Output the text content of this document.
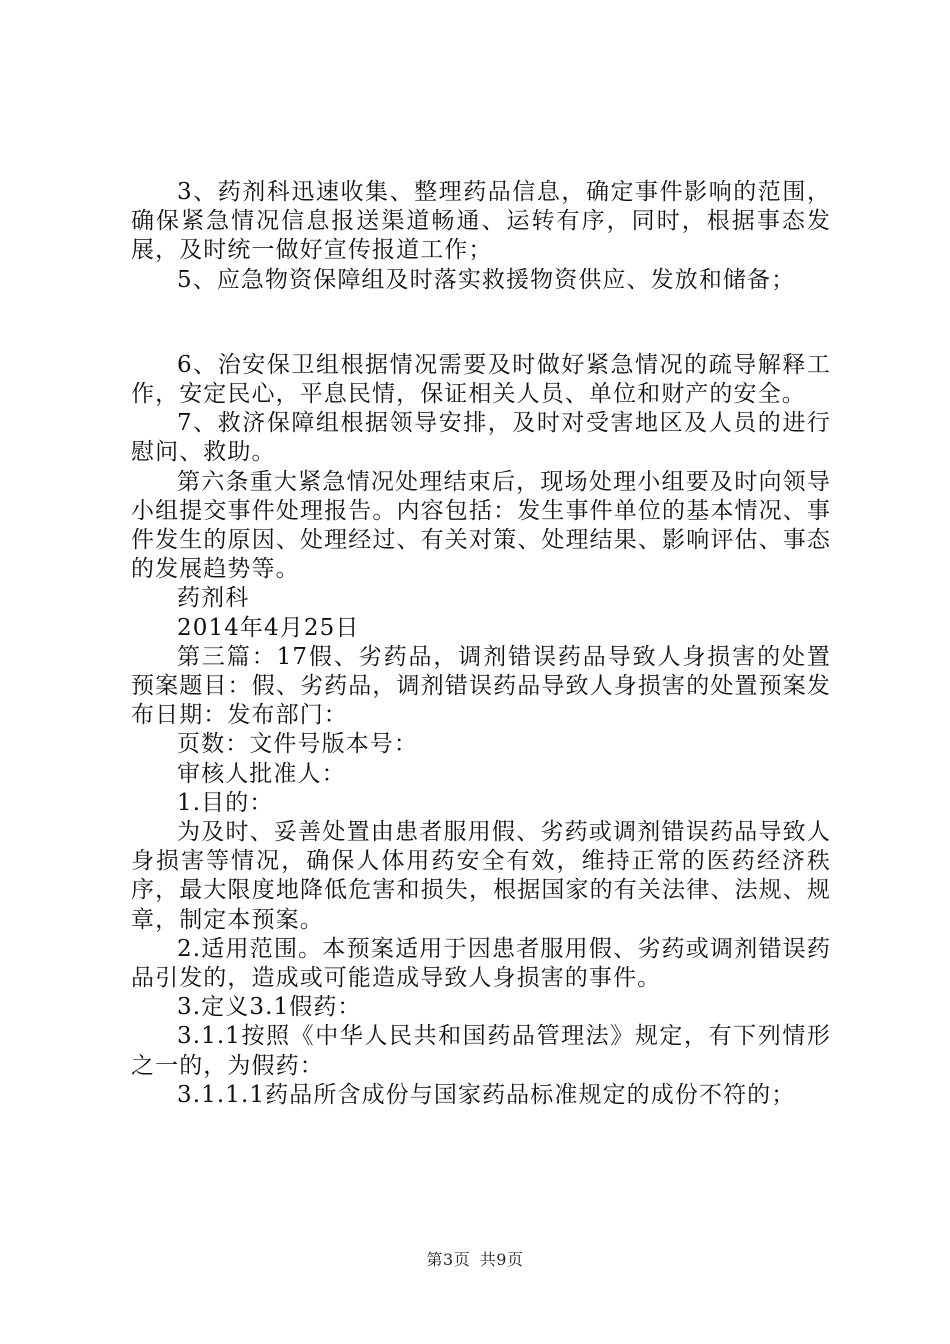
3、药剂科迅速收集、整理药品信息，确定事件影响的范围，确保紧急情况信息报送渠道畅通、运转有序，同时，根据事态发展，及时统一做好宣传报道工作；

5、应急物资保障组及时落实救援物资供应、发放和储备；

6、治安保卫组根据情况需要及时做好紧急情况的疏导解释工作，安定民心，平息民情，保证相关人员、单位和财产的安全。

7、救济保障组根据领导安排，及时对受害地区及人员的进行慰问、救助。

第六条重大紧急情况处理结束后，现场处理小组要及时向领导小组提交事件处理报告。内容包括：发生事件单位的基本情况、事件发生的原因、处理经过、有关对策、处理结果、影响评估、事态的发展趋势等。

药剂科

2014年4月25日

第三篇：17假、劣药品，调剂错误药品导致人身损害的处置预案题目：假、劣药品，调剂错误药品导致人身损害的处置预案发布日期：发布部门：

页数：文件号版本号：

审核人批准人：

1.目的：

为及时、妥善处置由患者服用假、劣药或调剂错误药品导致人身损害等情况，确保人体用药安全有效，维持正常的医药经济秩序，最大限度地降低危害和损失，根据国家的有关法律、法规、规章，制定本预案。

2.适用范围。本预案适用于因患者服用假、劣药或调剂错误药品引发的，造成或可能造成导致人身损害的事件。

3.定义3.1假药：

3.1.1按照《中华人民共和国药品管理法》规定，有下列情形之一的，为假药：

3.1.1.1药品所含成份与国家药品标准规定的成份不符的；

第3页 共9页
